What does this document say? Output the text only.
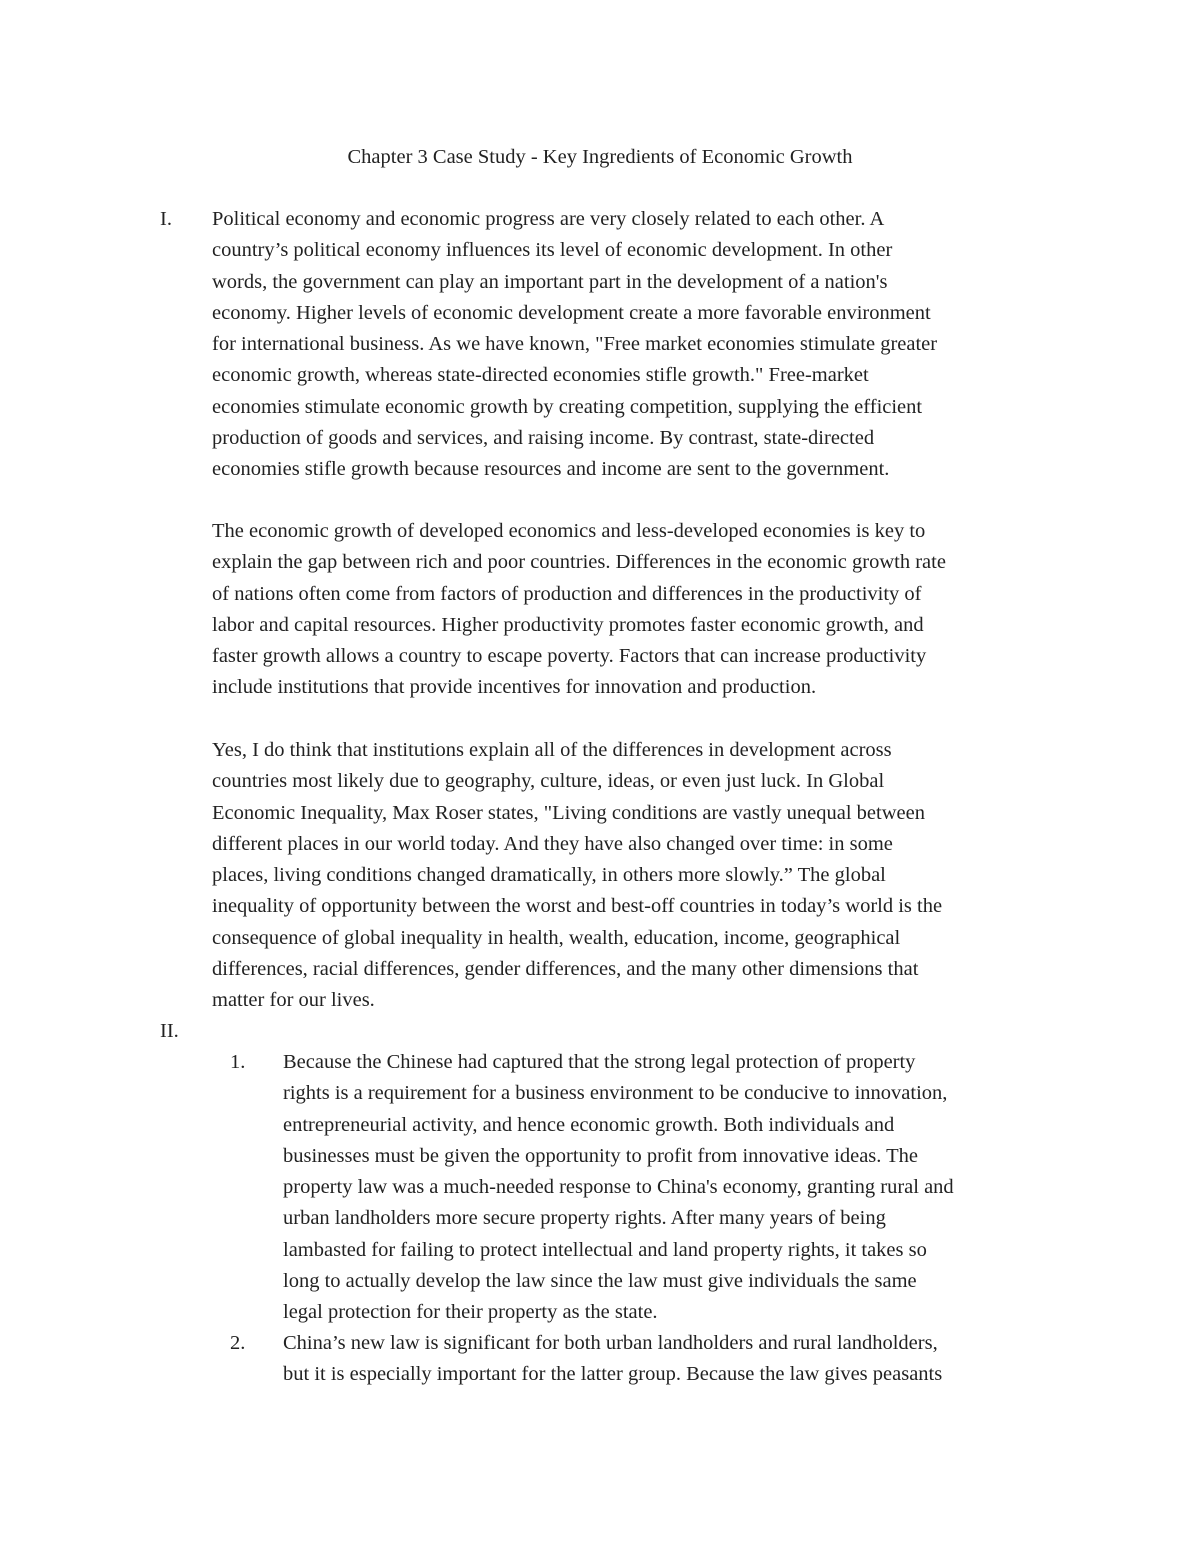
Chapter 3 Case Study - Key Ingredients of Economic Growth
I. Political economy and economic progress are very closely related to each other. A
country’s political economy influences its level of economic development. In other
words, the government can play an important part in the development of a nation's
economy. Higher levels of economic development create a more favorable environment
for international business. As we have known, "Free market economies stimulate greater
economic growth, whereas state-directed economies stifle growth." Free-market
economies stimulate economic growth by creating competition, supplying the efficient
production of goods and services, and raising income. By contrast, state-directed
economies stifle growth because resources and income are sent to the government.
The economic growth of developed economics and less-developed economies is key to
explain the gap between rich and poor countries. Differences in the economic growth rate
of nations often come from factors of production and differences in the productivity of
labor and capital resources. Higher productivity promotes faster economic growth, and
faster growth allows a country to escape poverty. Factors that can increase productivity
include institutions that provide incentives for innovation and production.
Yes, I do think that institutions explain all of the differences in development across
countries most likely due to geography, culture, ideas, or even just luck. In Global
Economic Inequality, Max Roser states, "Living conditions are vastly unequal between
different places in our world today. And they have also changed over time: in some
places, living conditions changed dramatically, in others more slowly.” The global
inequality of opportunity between the worst and best-off countries in today’s world is the
consequence of global inequality in health, wealth, education, income, geographical
differences, racial differences, gender differences, and the many other dimensions that
matter for our lives.
II.
1. Because the Chinese had captured that the strong legal protection of property
rights is a requirement for a business environment to be conducive to innovation,
entrepreneurial activity, and hence economic growth. Both individuals and
businesses must be given the opportunity to profit from innovative ideas. The
property law was a much-needed response to China's economy, granting rural and
urban landholders more secure property rights. After many years of being
lambasted for failing to protect intellectual and land property rights, it takes so
long to actually develop the law since the law must give individuals the same
legal protection for their property as the state.
2. China’s new law is significant for both urban landholders and rural landholders,
but it is especially important for the latter group. Because the law gives peasants
